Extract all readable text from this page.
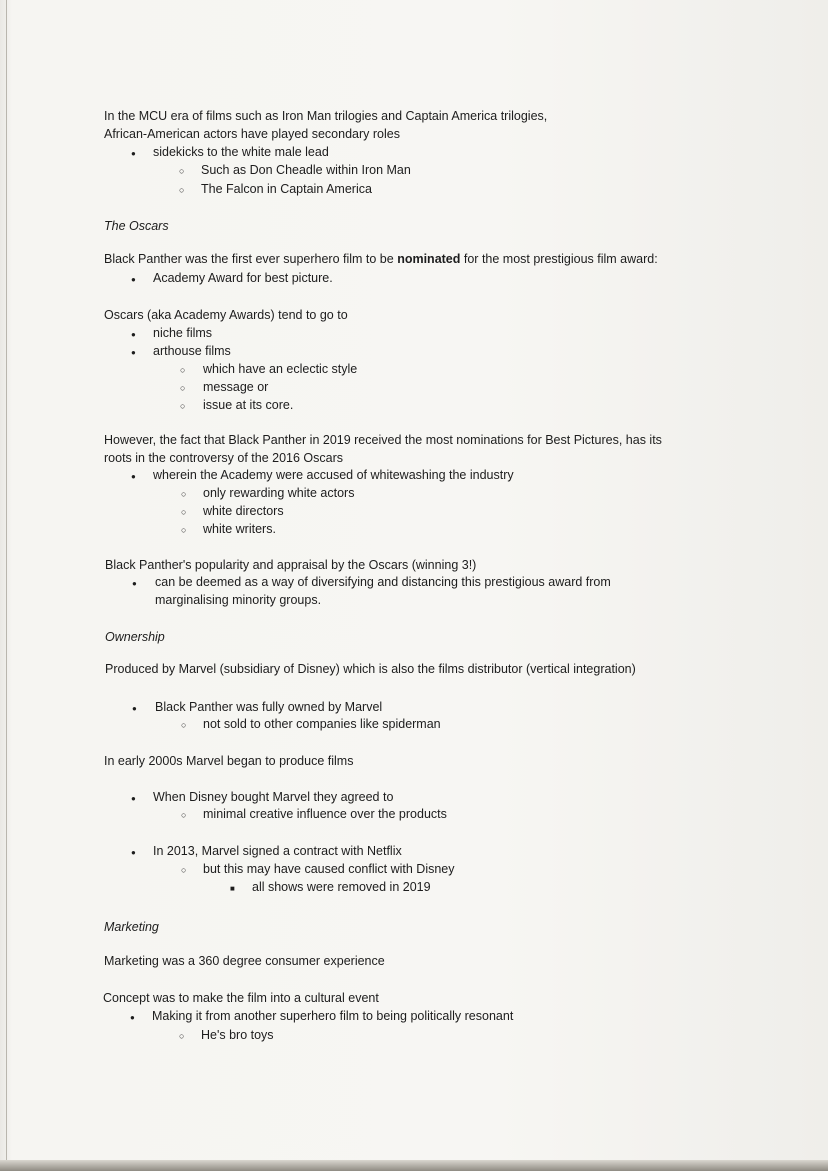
In the MCU era of films such as Iron Man trilogies and Captain America trilogies,
African-American actors have played secondary roles
●
sidekicks to the white male lead
○
Such as Don Cheadle within Iron Man
○
The Falcon in Captain America
The Oscars
Black Panther was the first ever superhero film to be nominated for the most prestigious film award:
●
Academy Award for best picture.
Oscars (aka Academy Awards) tend to go to
●
niche films
●
arthouse films
○
which have an eclectic style
○
message or
○
issue at its core.
However, the fact that Black Panther in 2019 received the most nominations for Best Pictures, has its
roots in the controversy of the 2016 Oscars
●
wherein the Academy were accused of whitewashing the industry
○
only rewarding white actors
○
white directors
○
white writers.
Black Panther's popularity and appraisal by the Oscars (winning 3!)
●
can be deemed as a way of diversifying and distancing this prestigious award from
marginalising minority groups.
Ownership
Produced by Marvel (subsidiary of Disney) which is also the films distributor (vertical integration)
●
Black Panther was fully owned by Marvel
○
not sold to other companies like spiderman
In early 2000s Marvel began to produce films
●
When Disney bought Marvel they agreed to
○
minimal creative influence over the products
●
In 2013, Marvel signed a contract with Netflix
○
but this may have caused conflict with Disney
■
all shows were removed in 2019
Marketing
Marketing was a 360 degree consumer experience
Concept was to make the film into a cultural event
●
Making it from another superhero film to being politically resonant
○
He's bro toys
